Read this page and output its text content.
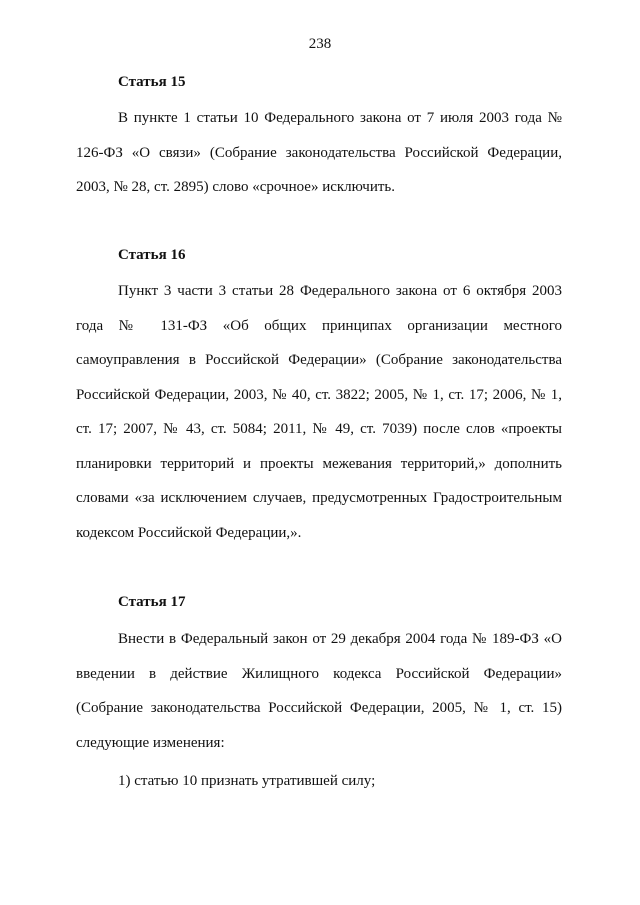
238
Статья 15

В пункте 1 статьи 10 Федерального закона от 7 июля 2003 года № 126-ФЗ «О связи» (Собрание законодательства Российской Федерации, 2003, № 28, ст. 2895) слово «срочное» исключить.

Статья 16

Пункт 3 части 3 статьи 28 Федерального закона от 6 октября 2003 года № 131-ФЗ «Об общих принципах организации местного самоуправления в Российской Федерации» (Собрание законодательства Российской Федерации, 2003, № 40, ст. 3822; 2005, № 1, ст. 17; 2006, № 1, ст. 17; 2007, № 43, ст. 5084; 2011, № 49, ст. 7039) после слов «проекты планировки территорий и проекты межевания территорий,» дополнить словами «за исключением случаев, предусмотренных Градостроительным кодексом Российской Федерации,».

Статья 17

Внести в Федеральный закон от 29 декабря 2004 года № 189-ФЗ «О введении в действие Жилищного кодекса Российской Федерации» (Собрание законодательства Российской Федерации, 2005, № 1, ст. 15) следующие изменения:

1) статью 10 признать утратившей силу;
